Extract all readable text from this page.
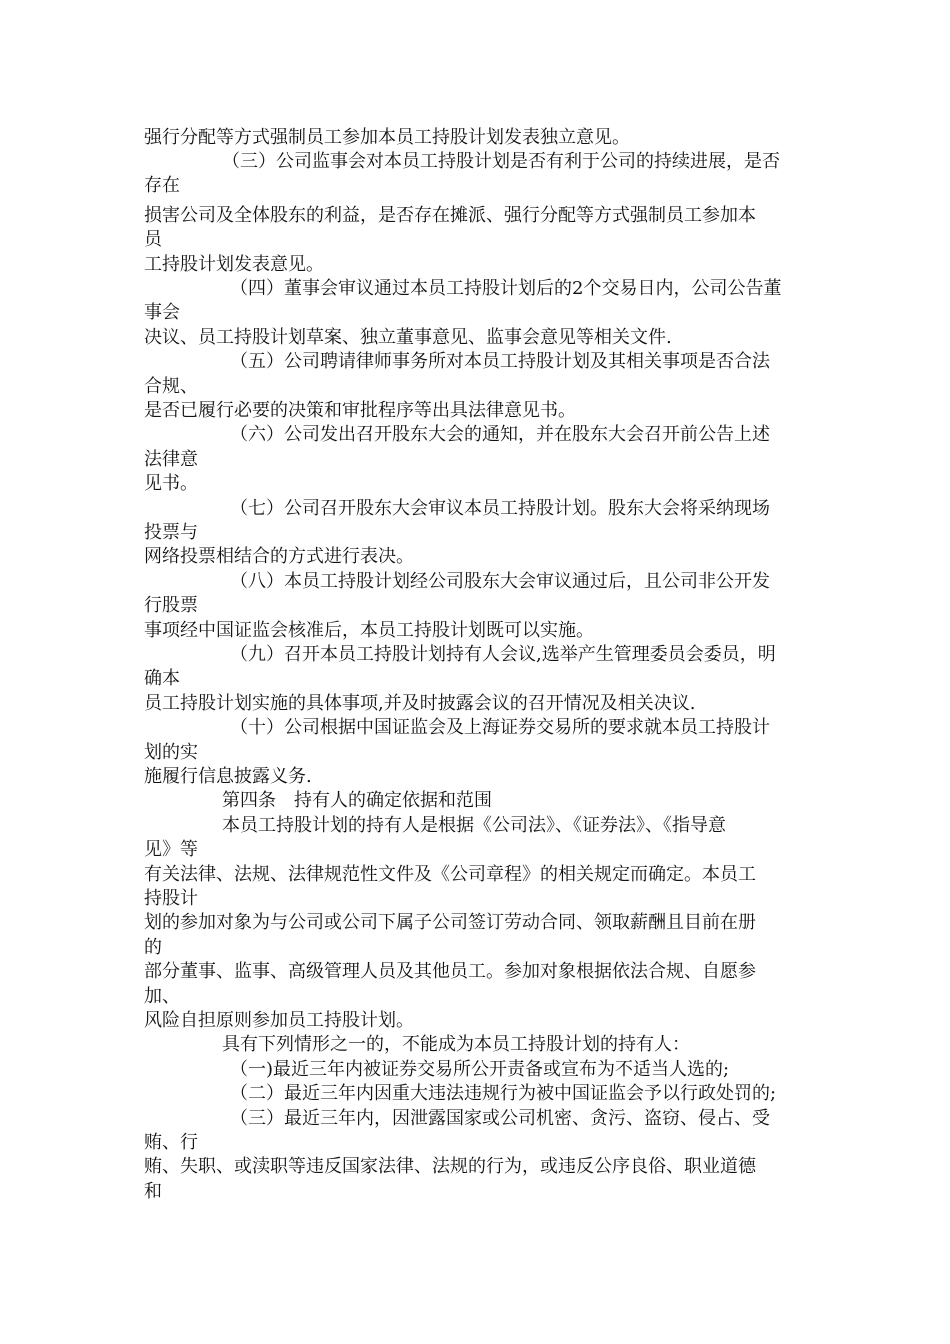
强行分配等方式强制员工参加本员工持股计划发表独立意见。
（三）公司监事会对本员工持股计划是否有利于公司的持续进展，是否
存在
损害公司及全体股东的利益，是否存在摊派、强行分配等方式强制员工参加本
员
工持股计划发表意见。
（四）董事会审议通过本员工持股计划后的2个交易日内，公司公告董
事会
决议、员工持股计划草案、独立董事意见、监事会意见等相关文件.
（五）公司聘请律师事务所对本员工持股计划及其相关事项是否合法
合规、
是否已履行必要的决策和审批程序等出具法律意见书。
（六）公司发出召开股东大会的通知，并在股东大会召开前公告上述
法律意
见书。
（七）公司召开股东大会审议本员工持股计划。股东大会将采纳现场
投票与
网络投票相结合的方式进行表决。
（八）本员工持股计划经公司股东大会审议通过后，且公司非公开发
行股票
事项经中国证监会核准后，本员工持股计划既可以实施。
（九）召开本员工持股计划持有人会议,选举产生管理委员会委员，明
确本
员工持股计划实施的具体事项,并及时披露会议的召开情况及相关决议.
（十）公司根据中国证监会及上海证券交易所的要求就本员工持股计
划的实
施履行信息披露义务.
第四条　持有人的确定依据和范围
本员工持股计划的持有人是根据《公司法》、《证券法》、《指导意
见》等
有关法律、法规、法律规范性文件及《公司章程》的相关规定而确定。本员工
持股计
划的参加对象为与公司或公司下属子公司签订劳动合同、领取薪酬且目前在册
的
部分董事、监事、高级管理人员及其他员工。参加对象根据依法合规、自愿参
加、
风险自担原则参加员工持股计划。
具有下列情形之一的，不能成为本员工持股计划的持有人：
（一)最近三年内被证券交易所公开责备或宣布为不适当人选的;
（二）最近三年内因重大违法违规行为被中国证监会予以行政处罚的;
（三）最近三年内，因泄露国家或公司机密、贪污、盗窃、侵占、受
贿、行
贿、失职、或渎职等违反国家法律、法规的行为，或违反公序良俗、职业道德
和
